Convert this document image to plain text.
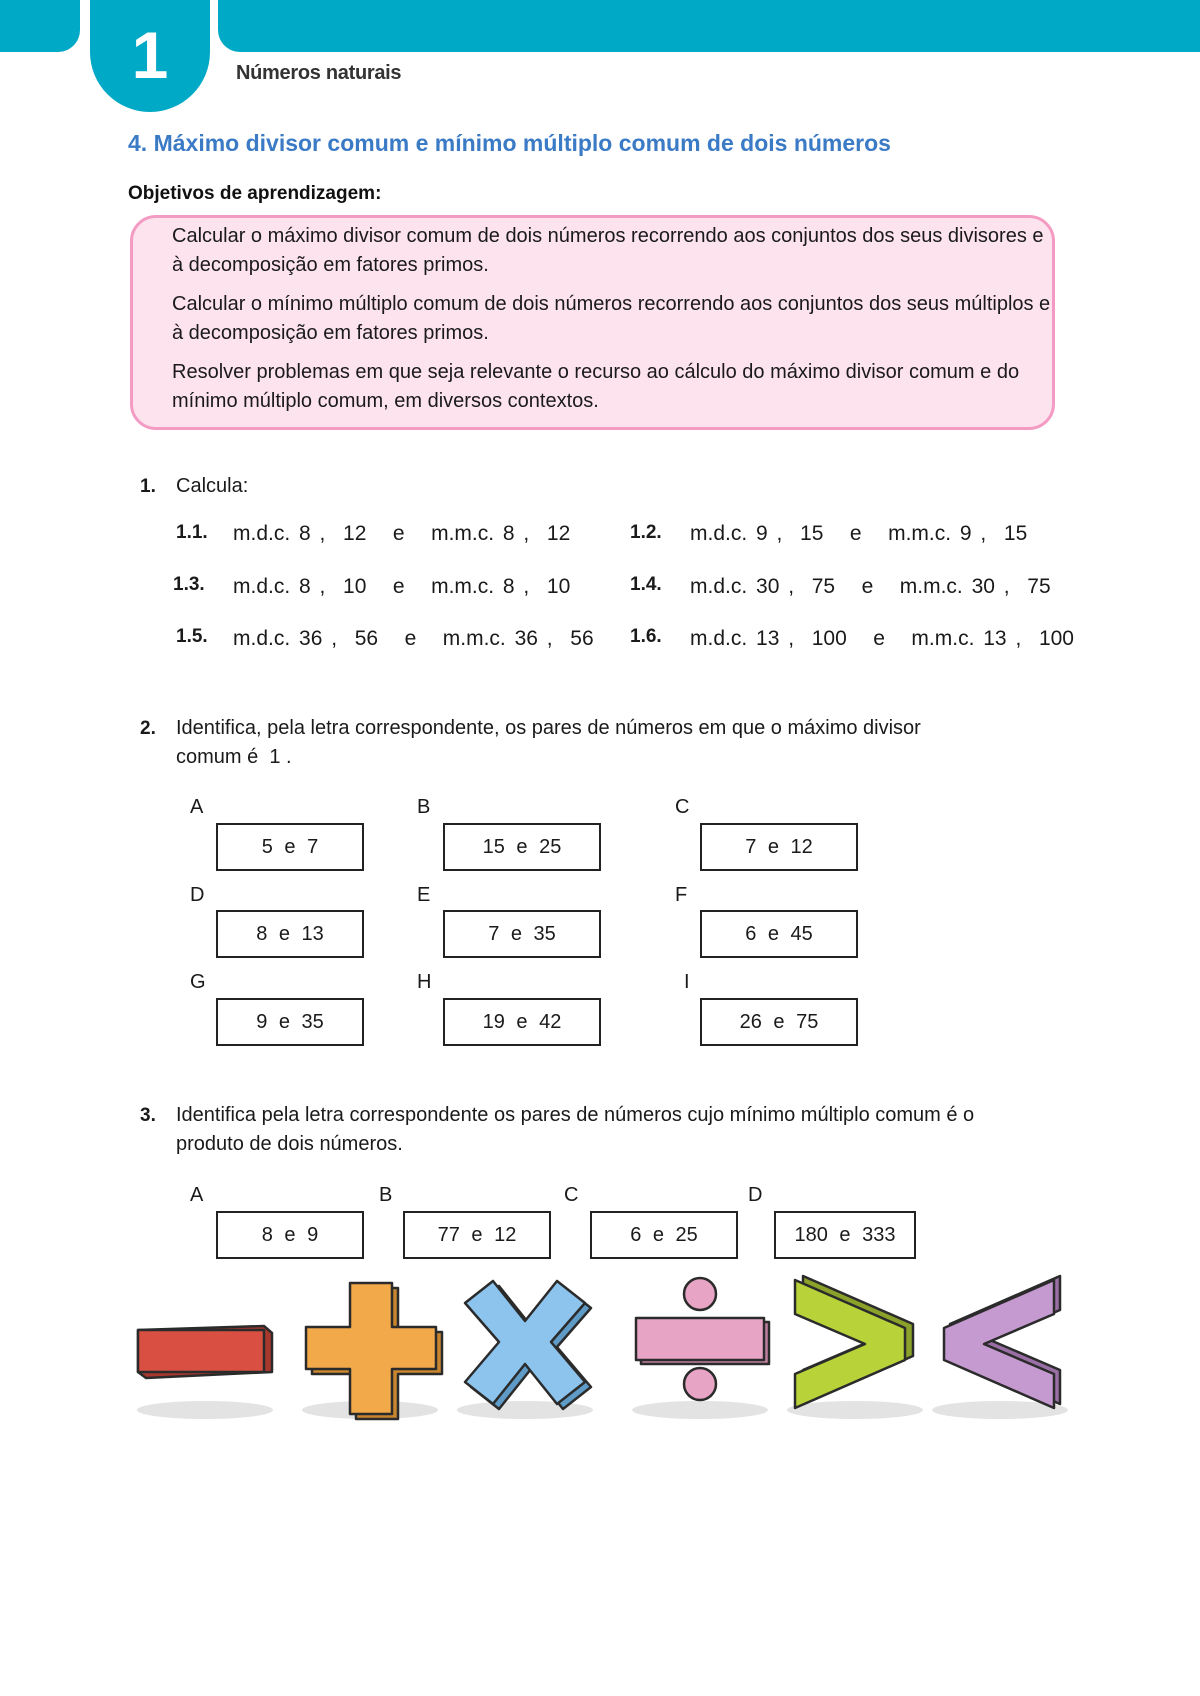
1	Números naturais
4. Máximo divisor comum e mínimo múltiplo comum de dois números
Objetivos de aprendizagem:
Calcular o máximo divisor comum de dois números recorrendo aos conjuntos dos seus divisores e à decomposição em fatores primos.
Calcular o mínimo múltiplo comum de dois números recorrendo aos conjuntos dos seus múltiplos e à decomposição em fatores primos.
Resolver problemas em que seja relevante o recurso ao cálculo do máximo divisor comum e do mínimo múltiplo comum, em diversos contextos.
1. Calcula:
1.1. m.d.c. 8 ,  12   e   m.m.c. 8 ,  12	1.2. m.d.c. 9 ,  15   e   m.m.c. 9 ,  15
1.3. m.d.c. 8 ,  10   e   m.m.c. 8 ,  10	1.4. m.d.c. 30 ,  75   e   m.m.c. 30 ,  75
1.5. m.d.c. 36 ,  56   e   m.m.c. 36 ,  56 1.6. m.d.c. 13 ,  100   e   m.m.c. 13 ,  100
2. Identifica, pela letra correspondente, os pares de números em que o máximo divisor
comum é  1 .
A
5 e 7
B
15 e 25
C
7 e 12
D
8 e 13
E
7 e 35
F
6 e 45
G
9 e 35
H
19 e 42
I
26 e 75
3. Identifica pela letra correspondente os pares de números cujo mínimo múltiplo comum é o
produto de dois números.
A
8 e 9
B
77 e 12
C
6 e 25
D
180 e 333
